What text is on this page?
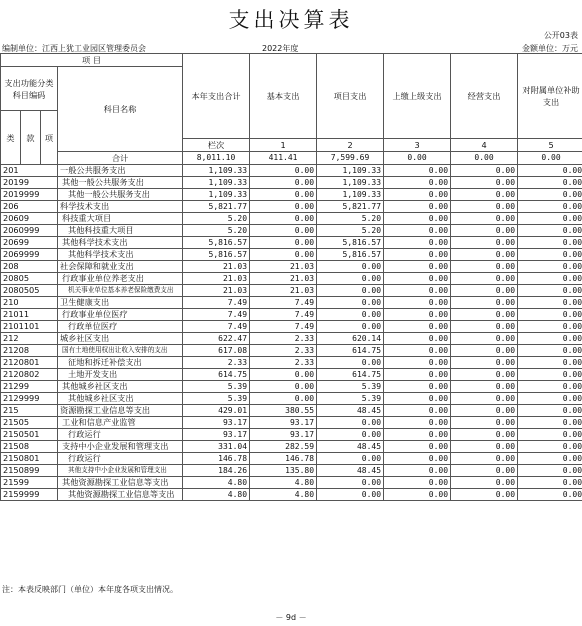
支出决算表
公开03表
编制单位：江西上犹工业园区管理委员会	2022年度	金额单位：万元
项 目				本年支出合计	基本支出	项目支出	上缴上级支出	经营支出	对附属单位补助支出	
支出功能分类科目编码			科目名称							
类	款	项								
				栏次	1	2	3	4	5	
			合计	8,011.10	411.41	7,599.69	0.00	0.00	0.00	
201			一般公共服务支出	1,109.33	0.00	1,109.33	0.00	0.00	0.00	
20199			其他一般公共服务支出	1,109.33	0.00	1,109.33	0.00	0.00	0.00	
2019999			其他一般公共服务支出	1,109.33	0.00	1,109.33	0.00	0.00	0.00	
206			科学技术支出	5,821.77	0.00	5,821.77	0.00	0.00	0.00	
20609			科技重大项目	5.20	0.00	5.20	0.00	0.00	0.00	
2060999			其他科技重大项目	5.20	0.00	5.20	0.00	0.00	0.00	
20699			其他科学技术支出	5,816.57	0.00	5,816.57	0.00	0.00	0.00	
2069999			其他科学技术支出	5,816.57	0.00	5,816.57	0.00	0.00	0.00	
208			社会保障和就业支出	21.03	21.03	0.00	0.00	0.00	0.00	
20805			行政事业单位养老支出	21.03	21.03	0.00	0.00	0.00	0.00	
2080505			机关事业单位基本养老保险缴费支出	21.03	21.03	0.00	0.00	0.00	0.00	
210			卫生健康支出	7.49	7.49	0.00	0.00	0.00	0.00	
21011			行政事业单位医疗	7.49	7.49	0.00	0.00	0.00	0.00	
2101101			行政单位医疗	7.49	7.49	0.00	0.00	0.00	0.00	
212			城乡社区支出	622.47	2.33	620.14	0.00	0.00	0.00	
21208			国有土地使用权出让收入安排的支出	617.08	2.33	614.75	0.00	0.00	0.00	
2120801			征地和拆迁补偿支出	2.33	2.33	0.00	0.00	0.00	0.00	
2120802			土地开发支出	614.75	0.00	614.75	0.00	0.00	0.00	
21299			其他城乡社区支出	5.39	0.00	5.39	0.00	0.00	0.00	
2129999			其他城乡社区支出	5.39	0.00	5.39	0.00	0.00	0.00	
215			资源勘探工业信息等支出	429.01	380.55	48.45	0.00	0.00	0.00	
21505			工业和信息产业监管	93.17	93.17	0.00	0.00	0.00	0.00	
2150501			行政运行	93.17	93.17	0.00	0.00	0.00	0.00	
21508			支持中小企业发展和管理支出	331.04	282.59	48.45	0.00	0.00	0.00	
2150801			行政运行	146.78	146.78	0.00	0.00	0.00	0.00	
2150899			其他支持中小企业发展和管理支出	184.26	135.80	48.45	0.00	0.00	0.00	
21599			其他资源勘探工业信息等支出	4.80	4.80	0.00	0.00	0.00	0.00	
2159999			其他资源勘探工业信息等支出	4.80	4.80	0.00	0.00	0.00	0.00	
注：本表反映部门（单位）本年度各项支出情况。
－ 9d －
